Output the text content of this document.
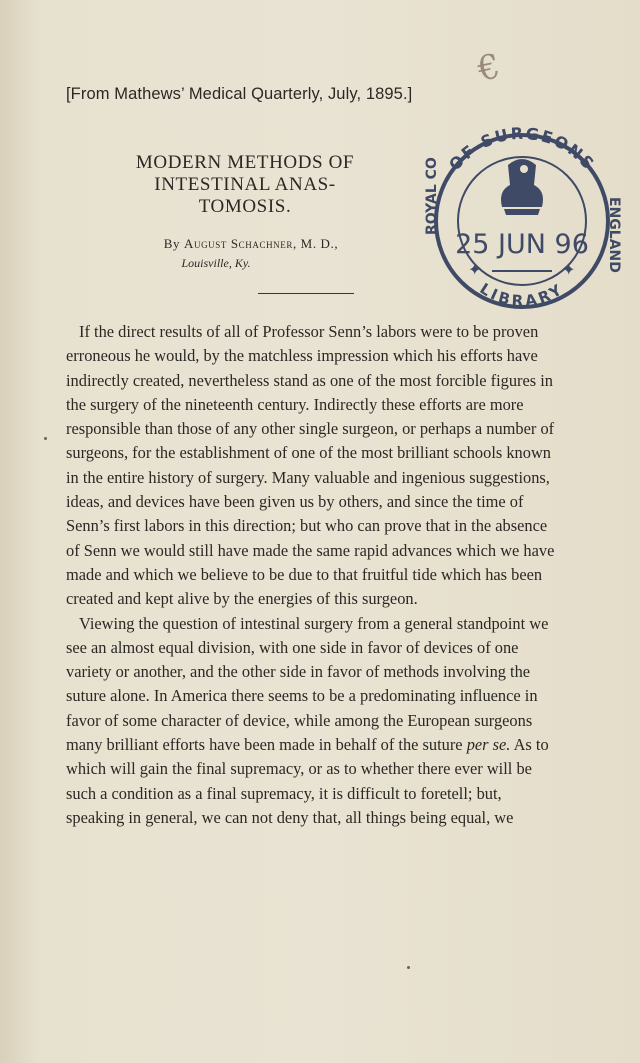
€
[From Mathews’ Medical Quarterly, July, 1895.]
MODERN METHODS OF INTESTINAL ANAS-
TOMOSIS.
By August Schachner, M. D.,
Louisville, Ky.
OF SURGEONS
ROYAL CO	ENGLAND
LIBRARY
25 JUN 96
✦	✦

If the direct results of all of Professor Senn’s labors were to be proven erroneous he would, by the matchless impression which his efforts have indirectly created, nevertheless stand as one of the most forcible figures in the surgery of the nineteenth century. Indirectly these efforts are more responsible than those of any other single surgeon, or perhaps a number of surgeons, for the establishment of one of the most brilliant schools known in the entire history of surgery. Many valuable and ingenious suggestions, ideas, and devices have been given us by others, and since the time of Senn’s first labors in this direction; but who can prove that in the absence of Senn we would still have made the same rapid advances which we have made and which we believe to be due to that fruitful tide which has been created and kept alive by the energies of this surgeon.

Viewing the question of intestinal surgery from a general standpoint we see an almost equal division, with one side in favor of devices of one variety or another, and the other side in favor of methods involving the suture alone. In America there seems to be a predominating influence in favor of some character of device, while among the European surgeons many brilliant efforts have been made in behalf of the suture per se. As to which will gain the final supremacy, or as to whether there ever will be such a condition as a final supremacy, it is difficult to foretell; but, speaking in general, we can not deny that, all things being equal, we
